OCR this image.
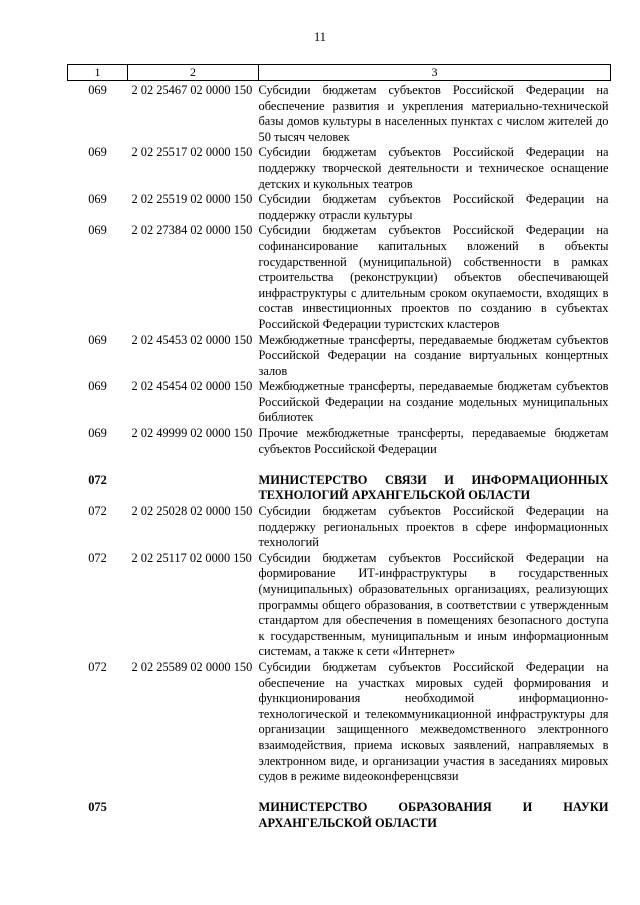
11
1	2	3
069	2 02 25467 02 0000 150	Субсидии бюджетам субъектов Российской Федерации на обеспечение развития и укрепления материально-технической базы домов культуры в населенных пунктах с числом жителей до 50 тысяч человек
069	2 02 25517 02 0000 150	Субсидии бюджетам субъектов Российской Федерации на поддержку творческой деятельности и техническое оснащение детских и кукольных театров
069	2 02 25519 02 0000 150	Субсидии бюджетам субъектов Российской Федерации на поддержку отрасли культуры
069	2 02 27384 02 0000 150	Субсидии бюджетам субъектов Российской Федерации на софинансирование капитальных вложений в объекты государственной (муниципальной) собственности в рамках строительства (реконструкции) объектов обеспечивающей инфраструктуры с длительным сроком окупаемости, входящих в состав инвестиционных проектов по созданию в субъектах Российской Федерации туристских кластеров
069	2 02 45453 02 0000 150	Межбюджетные трансферты, передаваемые бюджетам субъектов Российской Федерации на создание виртуальных концертных залов
069	2 02 45454 02 0000 150	Межбюджетные трансферты, передаваемые бюджетам субъектов Российской Федерации на создание модельных муниципальных библиотек
069	2 02 49999 02 0000 150	Прочие межбюджетные трансферты, передаваемые бюджетам субъектов Российской Федерации

072		МИНИСТЕРСТВО СВЯЗИ И ИНФОРМАЦИОННЫХ ТЕХНОЛОГИЙ АРХАНГЕЛЬСКОЙ ОБЛАСТИ
072	2 02 25028 02 0000 150	Субсидии бюджетам субъектов Российской Федерации на поддержку региональных проектов в сфере информационных технологий
072	2 02 25117 02 0000 150	Субсидии бюджетам субъектов Российской Федерации на формирование ИТ-инфраструктуры в государственных (муниципальных) образовательных организациях, реализующих программы общего образования, в соответствии с утвержденным стандартом для обеспечения в помещениях безопасного доступа к государственным, муниципальным и иным информационным системам, а также к сети «Интернет»
072	2 02 25589 02 0000 150	Субсидии бюджетам субъектов Российской Федерации на обеспечение на участках мировых судей формирования и функционирования необходимой информационно-технологической и телекоммуникационной инфраструктуры для организации защищенного межведомственного электронного взаимодействия, приема исковых заявлений, направляемых в электронном виде, и организации участия в заседаниях мировых судов в режиме видеоконференцсвязи

075		МИНИСТЕРСТВО ОБРАЗОВАНИЯ И НАУКИ АРХАНГЕЛЬСКОЙ ОБЛАСТИ
